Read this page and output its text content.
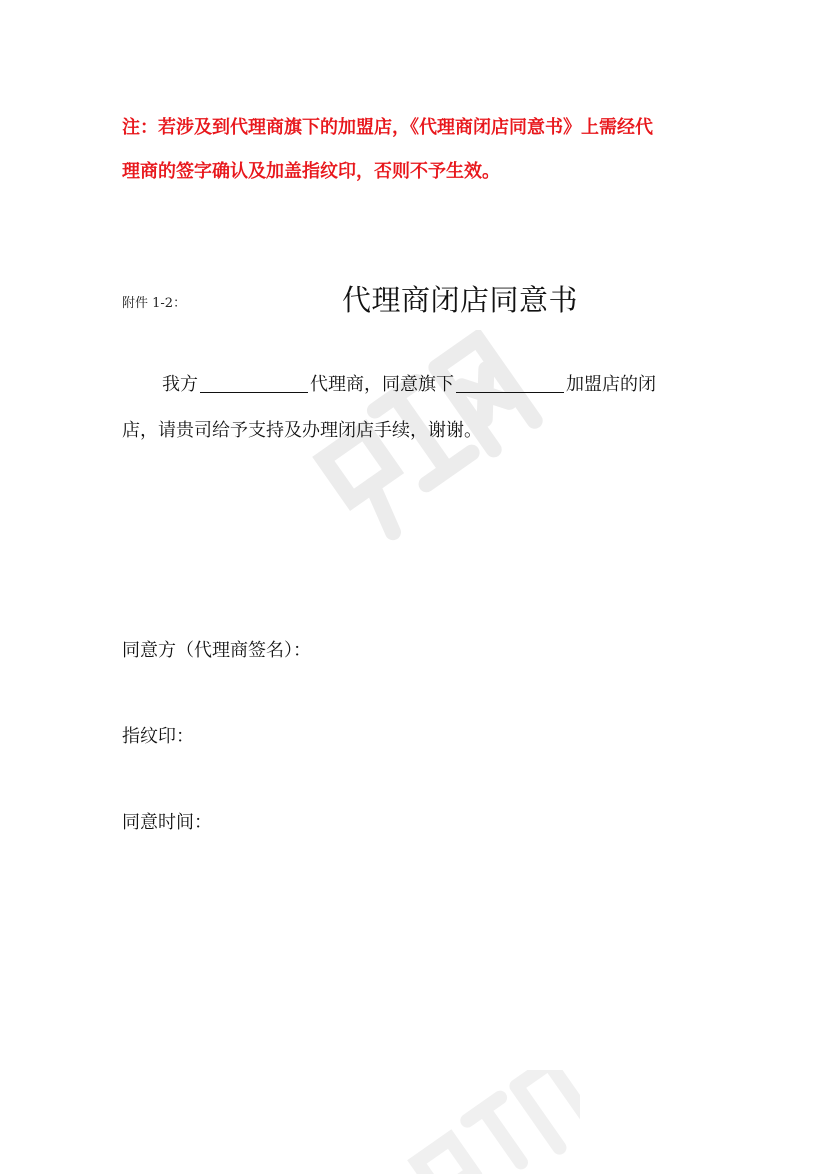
注：若涉及到代理商旗下的加盟店，《代理商闭店同意书》上需经代
理商的签字确认及加盖指纹印，否则不予生效。

附件 1-2：	代理商闭店同意书

我方	代理商，同意旗下	加盟店的闭
店，请贵司给予支持及办理闭店手续，谢谢。

同意方（代理商签名）：
指纹印：
同意时间：
